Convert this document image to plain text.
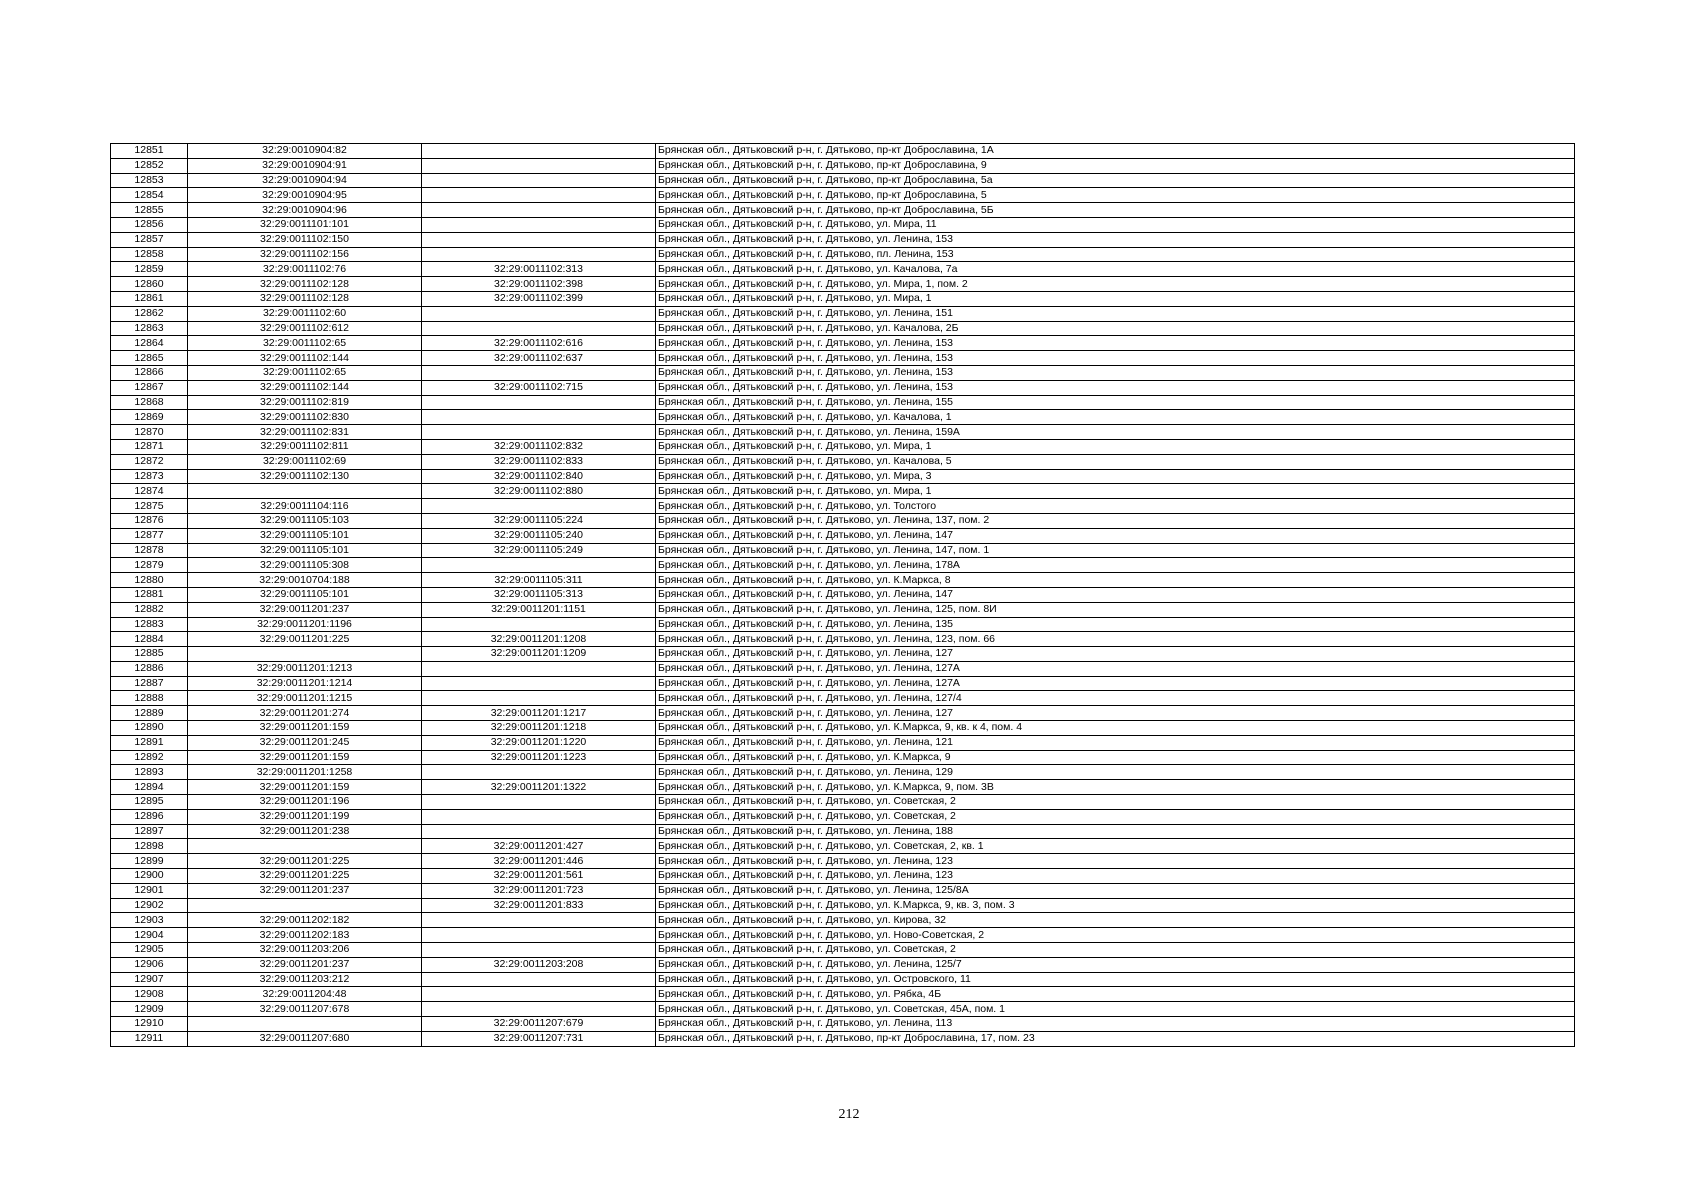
12851	32:29:0010904:82		Брянская обл., Дятьковский р-н, г. Дятьково, пр-кт Доброславина, 1А
12852	32:29:0010904:91		Брянская обл., Дятьковский р-н, г. Дятьково, пр-кт Доброславина, 9
12853	32:29:0010904:94		Брянская обл., Дятьковский р-н, г. Дятьково, пр-кт Доброславина, 5а
12854	32:29:0010904:95		Брянская обл., Дятьковский р-н, г. Дятьково, пр-кт Доброславина, 5
12855	32:29:0010904:96		Брянская обл., Дятьковский р-н, г. Дятьково, пр-кт Доброславина, 5Б
12856	32:29:0011101:101		Брянская обл., Дятьковский р-н, г. Дятьково, ул. Мира, 11
12857	32:29:0011102:150		Брянская обл., Дятьковский р-н, г. Дятьково, ул. Ленина, 153
12858	32:29:0011102:156		Брянская обл., Дятьковский р-н, г. Дятьково, пл. Ленина, 153
12859	32:29:0011102:76	32:29:0011102:313	Брянская обл., Дятьковский р-н, г. Дятьково, ул. Качалова, 7а
12860	32:29:0011102:128	32:29:0011102:398	Брянская обл., Дятьковский р-н, г. Дятьково, ул. Мира, 1, пом. 2
12861	32:29:0011102:128	32:29:0011102:399	Брянская обл., Дятьковский р-н, г. Дятьково, ул. Мира, 1
12862	32:29:0011102:60		Брянская обл., Дятьковский р-н, г. Дятьково, ул. Ленина, 151
12863	32:29:0011102:612		Брянская обл., Дятьковский р-н, г. Дятьково, ул. Качалова, 2Б
12864	32:29:0011102:65	32:29:0011102:616	Брянская обл., Дятьковский р-н, г. Дятьково, ул. Ленина, 153
12865	32:29:0011102:144	32:29:0011102:637	Брянская обл., Дятьковский р-н, г. Дятьково, ул. Ленина, 153
12866	32:29:0011102:65		Брянская обл., Дятьковский р-н, г. Дятьково, ул. Ленина, 153
12867	32:29:0011102:144	32:29:0011102:715	Брянская обл., Дятьковский р-н, г. Дятьково, ул. Ленина, 153
12868	32:29:0011102:819		Брянская обл., Дятьковский р-н, г. Дятьково, ул. Ленина, 155
12869	32:29:0011102:830		Брянская обл., Дятьковский р-н, г. Дятьково, ул. Качалова, 1
12870	32:29:0011102:831		Брянская обл., Дятьковский р-н, г. Дятьково, ул. Ленина, 159А
12871	32:29:0011102:811	32:29:0011102:832	Брянская обл., Дятьковский р-н, г. Дятьково, ул. Мира, 1
12872	32:29:0011102:69	32:29:0011102:833	Брянская обл., Дятьковский р-н, г. Дятьково, ул. Качалова, 5
12873	32:29:0011102:130	32:29:0011102:840	Брянская обл., Дятьковский р-н, г. Дятьково, ул. Мира, 3
12874		32:29:0011102:880	Брянская обл., Дятьковский р-н, г. Дятьково, ул. Мира, 1
12875	32:29:0011104:116		Брянская обл., Дятьковский р-н, г. Дятьково, ул. Толстого
12876	32:29:0011105:103	32:29:0011105:224	Брянская обл., Дятьковский р-н, г. Дятьково, ул. Ленина, 137, пом. 2
12877	32:29:0011105:101	32:29:0011105:240	Брянская обл., Дятьковский р-н, г. Дятьково, ул. Ленина, 147
12878	32:29:0011105:101	32:29:0011105:249	Брянская обл., Дятьковский р-н, г. Дятьково, ул. Ленина, 147, пом. 1
12879	32:29:0011105:308		Брянская обл., Дятьковский р-н, г. Дятьково, ул. Ленина, 178А
12880	32:29:0010704:188	32:29:0011105:311	Брянская обл., Дятьковский р-н, г. Дятьково, ул. К.Маркса, 8
12881	32:29:0011105:101	32:29:0011105:313	Брянская обл., Дятьковский р-н, г. Дятьково, ул. Ленина, 147
12882	32:29:0011201:237	32:29:0011201:1151	Брянская обл., Дятьковский р-н, г. Дятьково, ул. Ленина, 125, пом. 8И
12883	32:29:0011201:1196		Брянская обл., Дятьковский р-н, г. Дятьково, ул. Ленина, 135
12884	32:29:0011201:225	32:29:0011201:1208	Брянская обл., Дятьковский р-н, г. Дятьково, ул. Ленина, 123, пом. 66
12885		32:29:0011201:1209	Брянская обл., Дятьковский р-н, г. Дятьково, ул. Ленина, 127
12886	32:29:0011201:1213		Брянская обл., Дятьковский р-н, г. Дятьково, ул. Ленина, 127А
12887	32:29:0011201:1214		Брянская обл., Дятьковский р-н, г. Дятьково, ул. Ленина, 127А
12888	32:29:0011201:1215		Брянская обл., Дятьковский р-н, г. Дятьково, ул. Ленина, 127/4
12889	32:29:0011201:274	32:29:0011201:1217	Брянская обл., Дятьковский р-н, г. Дятьково, ул. Ленина, 127
12890	32:29:0011201:159	32:29:0011201:1218	Брянская обл., Дятьковский р-н, г. Дятьково, ул. К.Маркса, 9, кв. к 4, пом. 4
12891	32:29:0011201:245	32:29:0011201:1220	Брянская обл., Дятьковский р-н, г. Дятьково, ул. Ленина, 121
12892	32:29:0011201:159	32:29:0011201:1223	Брянская обл., Дятьковский р-н, г. Дятьково, ул. К.Маркса, 9
12893	32:29:0011201:1258		Брянская обл., Дятьковский р-н, г. Дятьково, ул. Ленина, 129
12894	32:29:0011201:159	32:29:0011201:1322	Брянская обл., Дятьковский р-н, г. Дятьково, ул. К.Маркса, 9, пом. 3В
12895	32:29:0011201:196		Брянская обл., Дятьковский р-н, г. Дятьково, ул. Советская, 2
12896	32:29:0011201:199		Брянская обл., Дятьковский р-н, г. Дятьково, ул. Советская, 2
12897	32:29:0011201:238		Брянская обл., Дятьковский р-н, г. Дятьково, ул. Ленина, 188
12898		32:29:0011201:427	Брянская обл., Дятьковский р-н, г. Дятьково, ул. Советская, 2, кв. 1
12899	32:29:0011201:225	32:29:0011201:446	Брянская обл., Дятьковский р-н, г. Дятьково, ул. Ленина, 123
12900	32:29:0011201:225	32:29:0011201:561	Брянская обл., Дятьковский р-н, г. Дятьково, ул. Ленина, 123
12901	32:29:0011201:237	32:29:0011201:723	Брянская обл., Дятьковский р-н, г. Дятьково, ул. Ленина, 125/8А
12902		32:29:0011201:833	Брянская обл., Дятьковский р-н, г. Дятьково, ул. К.Маркса, 9, кв. 3, пом. 3
12903	32:29:0011202:182		Брянская обл., Дятьковский р-н, г. Дятьково, ул. Кирова, 32
12904	32:29:0011202:183		Брянская обл., Дятьковский р-н, г. Дятьково, ул. Ново-Советская, 2
12905	32:29:0011203:206		Брянская обл., Дятьковский р-н, г. Дятьково, ул. Советская, 2
12906	32:29:0011201:237	32:29:0011203:208	Брянская обл., Дятьковский р-н, г. Дятьково, ул. Ленина, 125/7
12907	32:29:0011203:212		Брянская обл., Дятьковский р-н, г. Дятьково, ул. Островского, 11
12908	32:29:0011204:48		Брянская обл., Дятьковский р-н, г. Дятьково, ул. Рябка, 4Б
12909	32:29:0011207:678		Брянская обл., Дятьковский р-н, г. Дятьково, ул. Советская, 45А, пом. 1
12910		32:29:0011207:679	Брянская обл., Дятьковский р-н, г. Дятьково, ул. Ленина, 113
12911	32:29:0011207:680	32:29:0011207:731	Брянская обл., Дятьковский р-н, г. Дятьково, пр-кт Доброславина, 17, пом. 23
212
